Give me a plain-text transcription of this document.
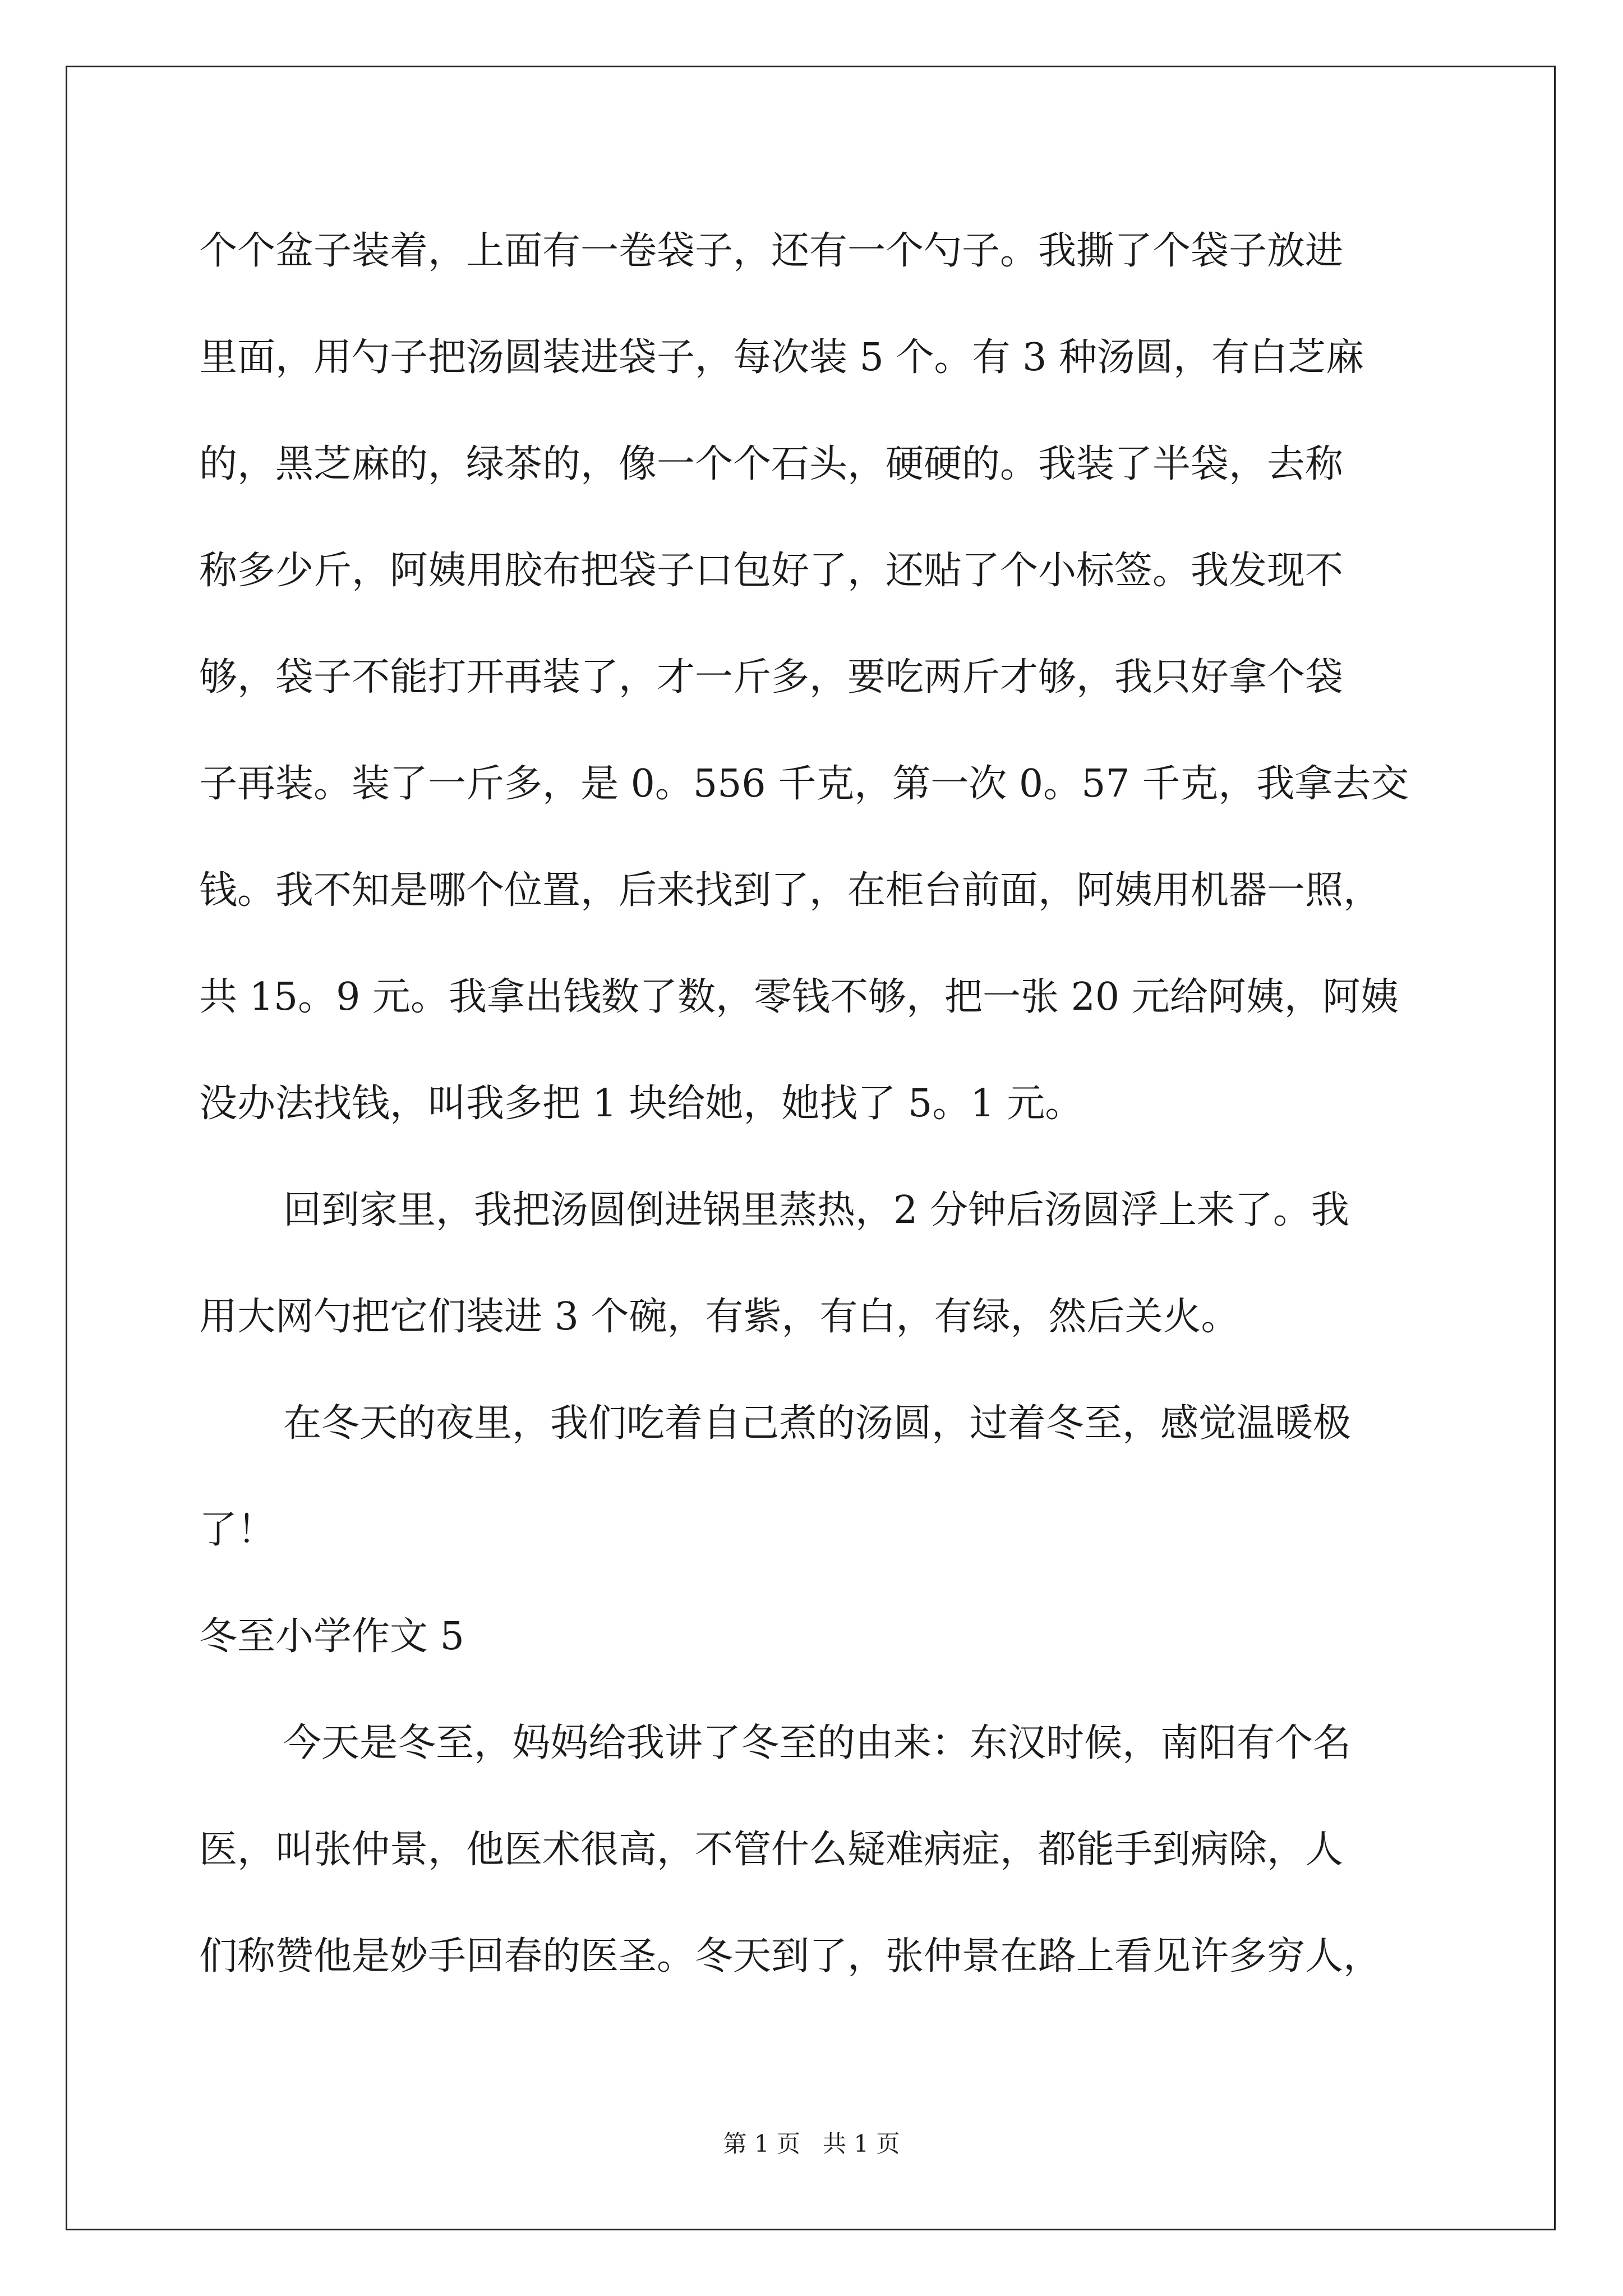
个个盆子装着，上面有一卷袋子，还有一个勺子。我撕了个袋子放进
里面，用勺子把汤圆装进袋子，每次装 5 个。有 3 种汤圆，有白芝麻
的，黑芝麻的，绿茶的，像一个个石头，硬硬的。我装了半袋，去称
称多少斤，阿姨用胶布把袋子口包好了，还贴了个小标签。我发现不
够，袋子不能打开再装了，才一斤多，要吃两斤才够，我只好拿个袋
子再装。装了一斤多，是 0。556 千克，第一次 0。57 千克，我拿去交
钱。我不知是哪个位置，后来找到了，在柜台前面，阿姨用机器一照，
共 15。9 元。我拿出钱数了数，零钱不够，把一张 20 元给阿姨，阿姨
没办法找钱，叫我多把 1 块给她，她找了 5。1 元。
回到家里，我把汤圆倒进锅里蒸热，2 分钟后汤圆浮上来了。我
用大网勺把它们装进 3 个碗，有紫，有白，有绿，然后关火。
在冬天的夜里，我们吃着自己煮的汤圆，过着冬至，感觉温暖极
了！
冬至小学作文 5
今天是冬至，妈妈给我讲了冬至的由来：东汉时候，南阳有个名
医，叫张仲景，他医术很高，不管什么疑难病症，都能手到病除，人
们称赞他是妙手回春的医圣。冬天到了，张仲景在路上看见许多穷人，
第 1 页   共 1 页
